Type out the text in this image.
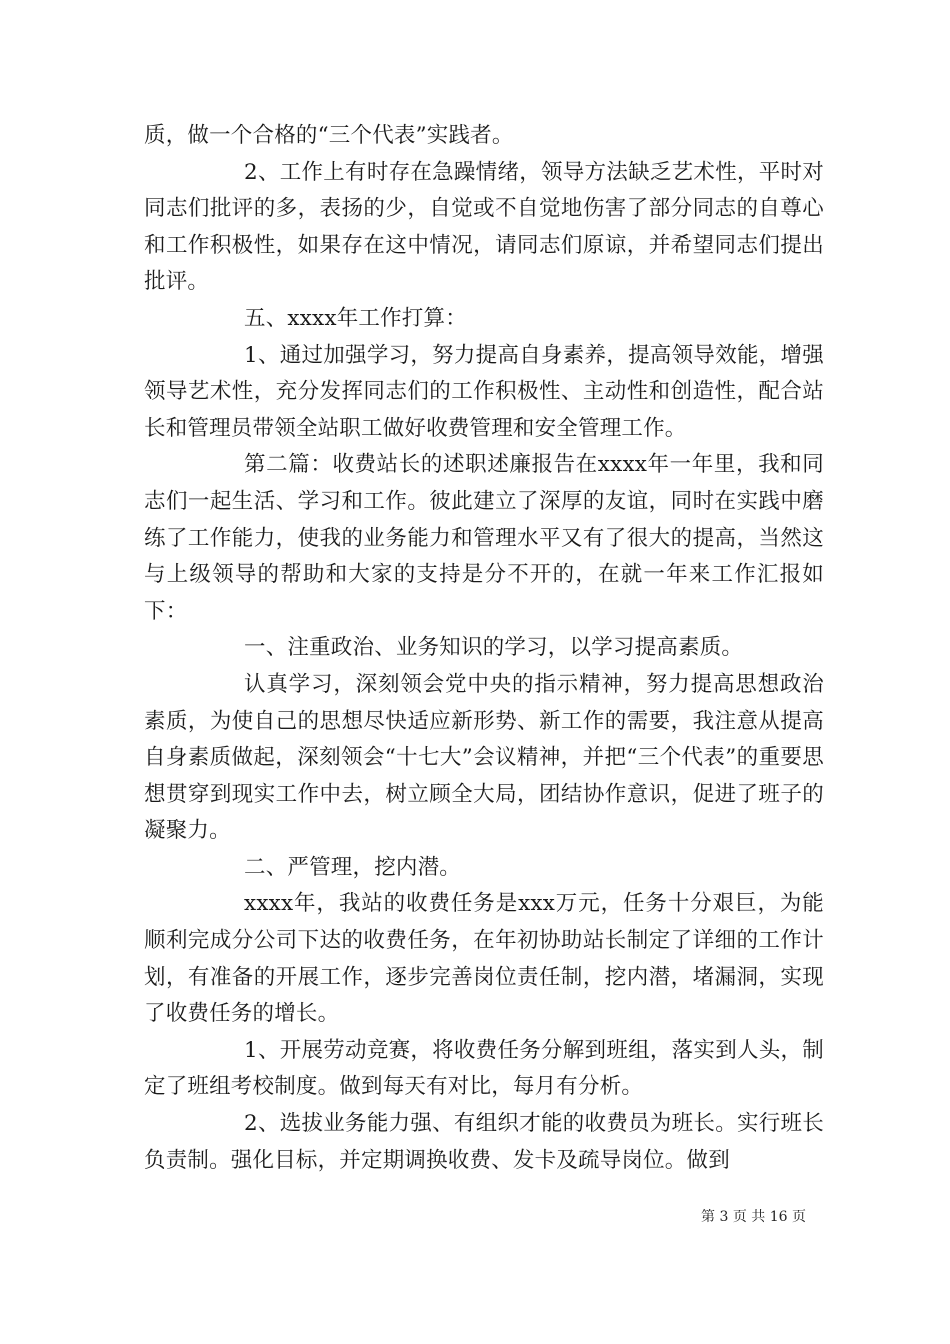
质，做一个合格的“三个代表”实践者。

2、工作上有时存在急躁情绪，领导方法缺乏艺术性，平时对同志们批评的多，表扬的少，自觉或不自觉地伤害了部分同志的自尊心和工作积极性，如果存在这中情况，请同志们原谅，并希望同志们提出批评。

五、xxxx年工作打算：

1、通过加强学习，努力提高自身素养，提高领导效能，增强领导艺术性，充分发挥同志们的工作积极性、主动性和创造性，配合站长和管理员带领全站职工做好收费管理和安全管理工作。

第二篇：收费站长的述职述廉报告在xxxx年一年里，我和同志们一起生活、学习和工作。彼此建立了深厚的友谊，同时在实践中磨练了工作能力，使我的业务能力和管理水平又有了很大的提高，当然这与上级领导的帮助和大家的支持是分不开的，在就一年来工作汇报如下：

一、注重政治、业务知识的学习，以学习提高素质。

认真学习，深刻领会党中央的指示精神，努力提高思想政治素质，为使自己的思想尽快适应新形势、新工作的需要，我注意从提高自身素质做起，深刻领会“十七大”会议精神，并把“三个代表”的重要思想贯穿到现实工作中去，树立顾全大局，团结协作意识，促进了班子的凝聚力。

二、严管理，挖内潜。

xxxx年，我站的收费任务是xxx万元，任务十分艰巨，为能顺利完成分公司下达的收费任务，在年初协助站长制定了详细的工作计划，有准备的开展工作，逐步完善岗位责任制，挖内潜，堵漏洞，实现了收费任务的增长。

1、开展劳动竞赛，将收费任务分解到班组，落实到人头，制定了班组考校制度。做到每天有对比，每月有分析。

2、选拔业务能力强、有组织才能的收费员为班长。实行班长负责制。强化目标，并定期调换收费、发卡及疏导岗位。做到

第 3 页 共 16 页
